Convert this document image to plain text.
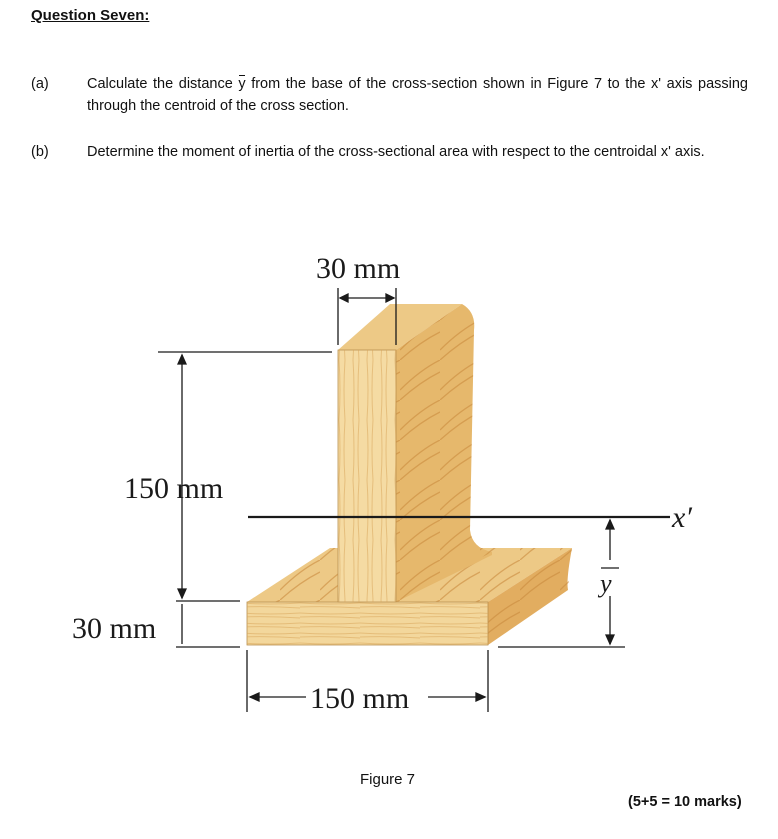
Question Seven:
(a)	Calculate the distance y from the base of the cross-section shown in Figure 7 to the x' axis passing through the centroid of the cross section.
(b)	Determine the moment of inertia of the cross-sectional area with respect to the centroidal x' axis.
30 mm
150 mm
30 mm
150 mm
x′
y
Figure 7
(5+5 = 10 marks)
